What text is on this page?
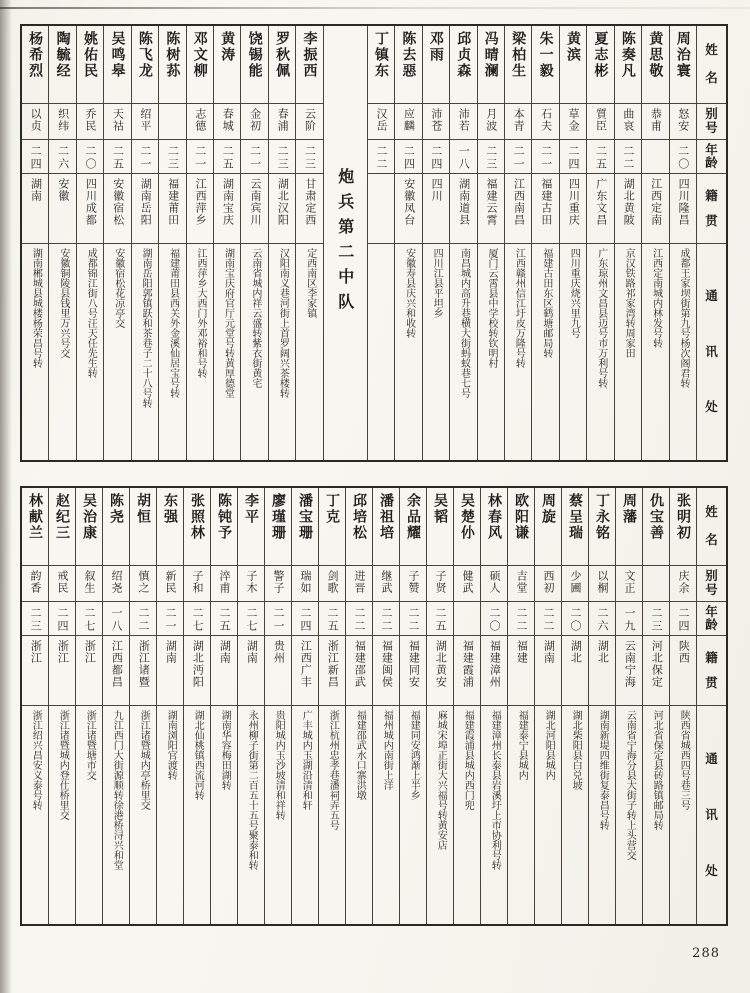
姓
名
别
号
年
龄
籍
贯
通
讯
处
周治寰
怒安
二〇
四川隆昌
成都王家坝街第九号杨次阁君转
黄思敬
恭甫
江西定南
江西定南城内林发号转
陈奏凡
曲哀
二二
湖北黄陂
京汉铁路祁家湾转周家田
夏志彬
質臣
二五
广东文昌
广东琼州文昌县迈号市万利号转
黄滨
草金
二四
四川重庆
四川重庆烧兴里九号
朱一毅
石夫
二一
福建古田
福建古田东区鹤塘邮局转
梁柏生
本青
二一
江西南昌
江西赣州信江圩皮万隆号转
冯晴澜
月波
二三
福建云霄
厦门云霄县中学校转钦明村
邱贞森
沛若
一八
湖南道县
南昌城内高升巷横大街蚂蚁巷七号
邓雨
沛苍
二四
四川
四川江县平坦乡
陈去惡
应麟
二四
安徽凤台
安徽寿县庆兴和收转
丁镇东
汉岳
二二
炮兵第二中队
李振西
云阶
二三
甘肃定西
定西南区李家镇
罗秋佩
春浦
二三
湖北汉阳
汉阳南义巷河街上首罗阔兴茶楼转
饶锡能
金初
二一
云南宾川
云南省城内祥云盛转紫衣街黄宅
黄涛
春城
二五
湖南宝庆
湖南宝庆府官厅元堂号转黄厚德堂
邓文柳
志德
二一
江西萍乡
江西萍乡大西门外邓裕和号转
陈树荪
二三
福建莆田
福建莆田县西关外金溪仙居宝号转
陈飞龙
绍平
二一
湖南岳阳
湖南岳阳郭镇跃和茶巷子二十八号转
吴鸣皋
天祜
二五
安徽宿松
安徽宿松花凉亭交
姚佑民
乔民
二〇
四川成都
成都锦江街八号汪天任先生转
陶毓经
织纬
二六
安徽
安徽铜陵县钱里万兴号交
杨希烈
以贞
二四
湖南
湖南郴城县城楼杨荣昌号转
姓
名
别
号
年
龄
籍
贯
通
讯
处
张明初
庆余
二四
陕西
陕西省城西四号巷三号
仇宝善
二三
河北保定
河北省保定县砖路镇邮局转
周藩
文正
一九
云南宁海
云南省宁海分县大街子转上头营交
丁永铭
以桐
二六
湖北
湖南新堤四维街复泰昌号转
蔡呈瑞
少圃
二〇
湖北
湖北柴阳县白兑坡
周旋
西初
二二
湖南
湖北河阳县城内
欧阳谦
吉堂
二二
福建
福建泰宁县城内
林春风
硕人
二〇
福建漳州
福建漳州长泰县岩溪圩上市协利号转
吴楚仦
健武
福建霞浦
福建霞浦县城内西门兜
吴韬
子贤
二五
湖北黄安
麻城宋埠正街大兴福号转黄安店
余品耀
子赞
二二
福建同安
福建同安鸿渐上半乡
潘祖培
继武
二二
福建闽侯
福州城内南街上洋
邱培松
进晋
二二
福建邵武
福建邵武水口寨洪墩
丁克
剑歌
二五
浙江新昌
浙江杭州忠孝巷潘祠弄五号
潘宝珊
瑞如
二四
江西广丰
广丰城内玉湖沿清和轩
廖瑾珊
警子
二一
贵州
贵阳城内玉沙坡清和祥转
李平
子木
二七
湖南
永州柳子街第二百五十五号聚泰和转
陈钝予
淬甫
二五
湖南
湖南华容梅田湖转
张照林
子和
二七
湖北沔阳
湖北仙桃镇西流河转
东强
新民
二一
湖南
湖南浏阳官渡转
胡恒
慎之
二二
浙江诸暨
浙江诸暨城内亭桥里交
陈尧
绍尧
一八
江西都昌
九江西门大街源顺转徐港桥浔兴和堂
吴治康
叙生
二七
浙江
浙江诸暨塘市交
赵纪三
戒民
二四
浙江
浙江诸暨城内登仕桥里交
林献兰
韵香
二三
浙江
浙江绍兴昌安义泰号转
288
